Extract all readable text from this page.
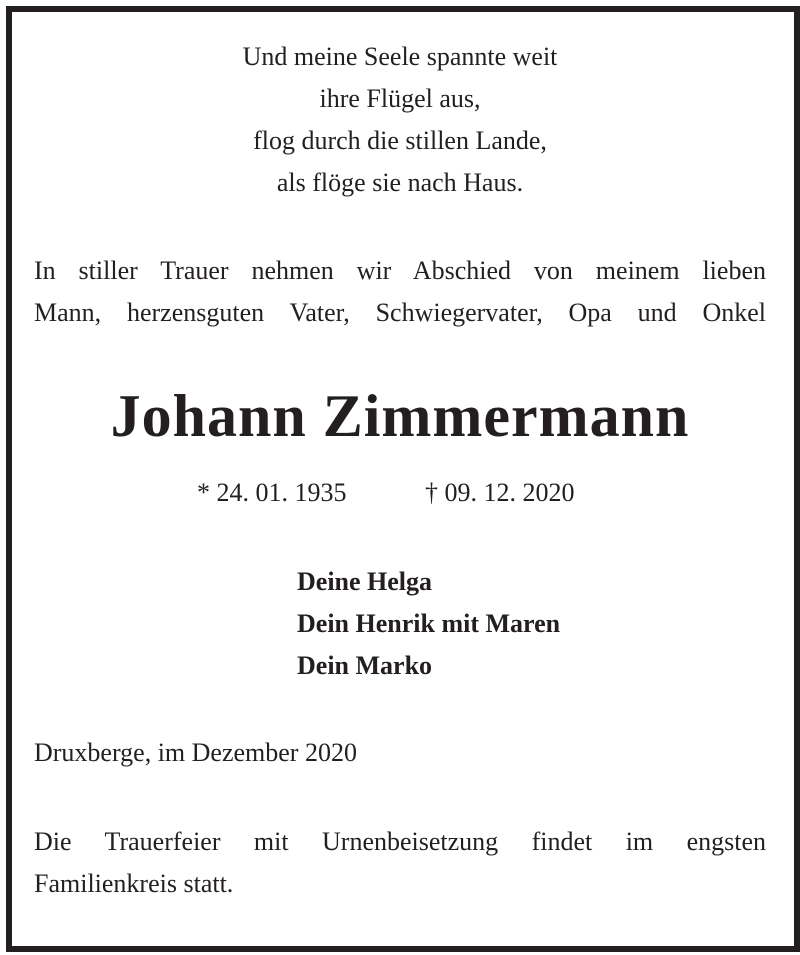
Und meine Seele spannte weit
ihre Flügel aus,
flog durch die stillen Lande,
als flöge sie nach Haus.
In stiller Trauer nehmen wir Abschied von meinem lieben
Mann, herzensguten Vater, Schwiegervater, Opa und Onkel
Johann Zimmermann
* 24. 01. 1935	† 09. 12. 2020
Deine Helga
Dein Henrik mit Maren
Dein Marko
Druxberge, im Dezember 2020
Die Trauerfeier mit Urnenbeisetzung findet im engsten
Familienkreis statt.
